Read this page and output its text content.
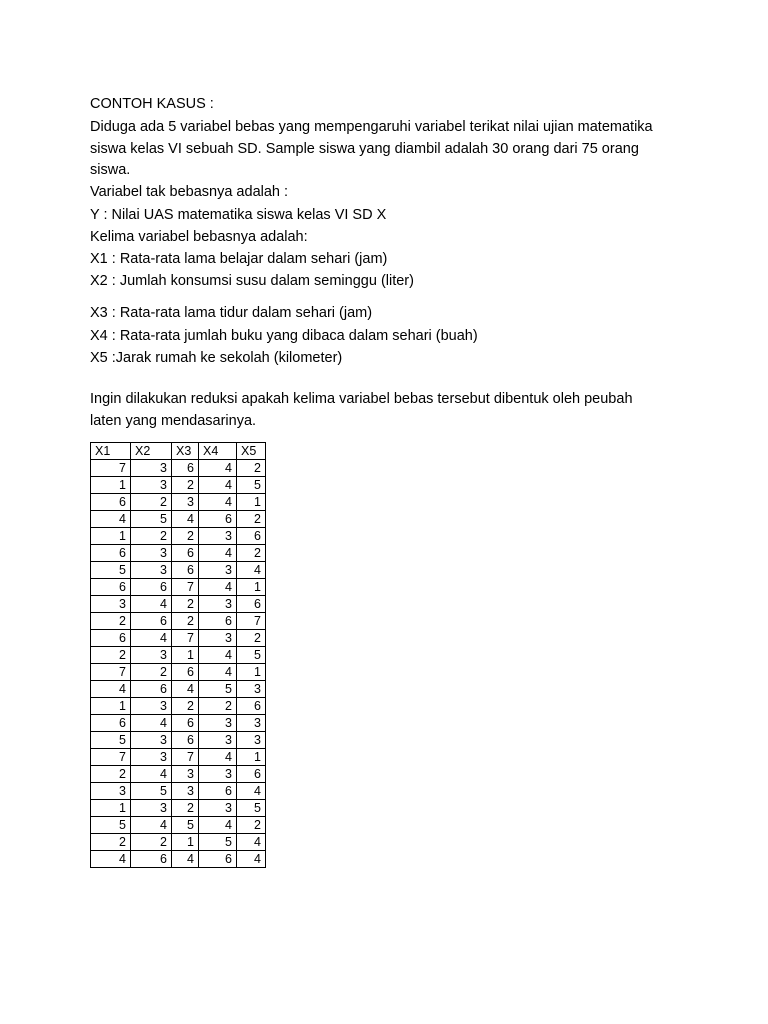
CONTOH KASUS :

Diduga ada 5 variabel bebas yang mempengaruhi variabel terikat nilai ujian matematika

siswa kelas VI sebuah SD. Sample siswa yang diambil adalah 30 orang dari 75 orang

siswa.

Variabel tak bebasnya adalah :

Y : Nilai UAS matematika siswa kelas VI SD X

Kelima variabel bebasnya adalah:

X1 : Rata-rata lama belajar dalam sehari (jam)

X2 : Jumlah konsumsi susu dalam seminggu (liter)

X3 : Rata-rata lama tidur dalam sehari (jam)

X4 : Rata-rata jumlah buku yang dibaca dalam sehari (buah)

X5 :Jarak rumah ke sekolah (kilometer)

Ingin dilakukan reduksi apakah kelima variabel bebas tersebut dibentuk oleh peubah

laten yang mendasarinya.

X1	X2	X3	X4	X5
7	3	6	4	2
1	3	2	4	5
6	2	3	4	1
4	5	4	6	2
1	2	2	3	6
6	3	6	4	2
5	3	6	3	4
6	6	7	4	1
3	4	2	3	6
2	6	2	6	7
6	4	7	3	2
2	3	1	4	5
7	2	6	4	1
4	6	4	5	3
1	3	2	2	6
6	4	6	3	3
5	3	6	3	3
7	3	7	4	1
2	4	3	3	6
3	5	3	6	4
1	3	2	3	5
5	4	5	4	2
2	2	1	5	4
4	6	4	6	4
